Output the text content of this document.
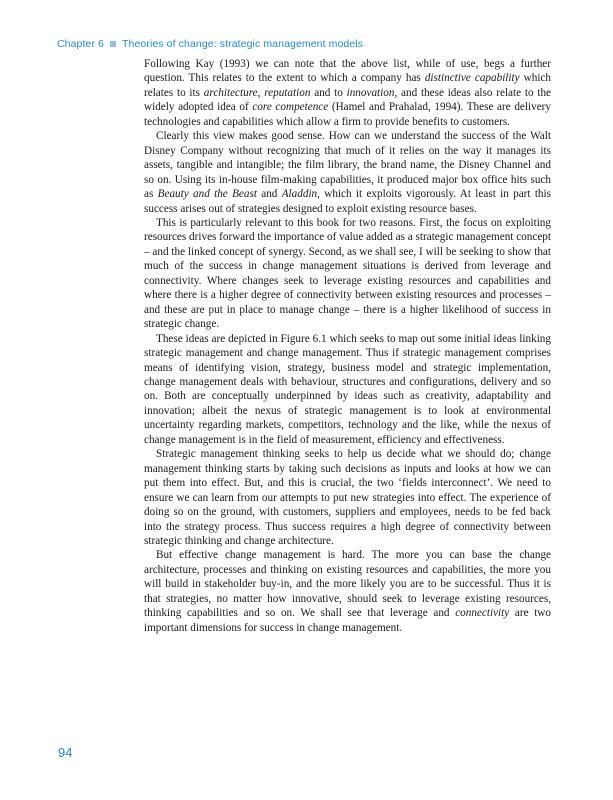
Chapter 6 Theories of change: strategic management models

Following Kay (1993) we can note that the above list, while of use, begs a further question. This relates to the extent to which a company has distinctive capability which relates to its architecture, reputation and to innovation, and these ideas also relate to the widely adopted idea of core competence (Hamel and Prahalad, 1994). These are delivery technologies and capabilities which allow a firm to provide benefits to customers.

Clearly this view makes good sense. How can we understand the success of the Walt Disney Company without recognizing that much of it relies on the way it manages its assets, tangible and intangible; the film library, the brand name, the Disney Channel and so on. Using its in-house film-making capabilities, it produced major box office hits such as Beauty and the Beast and Aladdin, which it exploits vigorously. At least in part this success arises out of strategies designed to exploit existing resource bases.

This is particularly relevant to this book for two reasons. First, the focus on exploiting resources drives forward the importance of value added as a strategic management concept – and the linked concept of synergy. Second, as we shall see, I will be seeking to show that much of the success in change management situations is derived from leverage and connectivity. Where changes seek to leverage existing resources and capabilities and where there is a higher degree of connectivity between existing resources and processes – and these are put in place to manage change – there is a higher likelihood of success in strategic change.

These ideas are depicted in Figure 6.1 which seeks to map out some initial ideas linking strategic management and change management. Thus if strategic management comprises means of identifying vision, strategy, business model and strategic implementation, change management deals with behaviour, structures and configurations, delivery and so on. Both are conceptually underpinned by ideas such as creativity, adaptability and innovation; albeit the nexus of strategic management is to look at environmental uncertainty regarding markets, competitors, technology and the like, while the nexus of change management is in the field of measurement, efficiency and effectiveness.

Strategic management thinking seeks to help us decide what we should do; change management thinking starts by taking such decisions as inputs and looks at how we can put them into effect. But, and this is crucial, the two ‘fields interconnect’. We need to ensure we can learn from our attempts to put new strategies into effect. The experience of doing so on the ground, with customers, suppliers and employees, needs to be fed back into the strategy process. Thus success requires a high degree of connectivity between strategic thinking and change architecture.

But effective change management is hard. The more you can base the change architecture, processes and thinking on existing resources and capabilities, the more you will build in stakeholder buy-in, and the more likely you are to be successful. Thus it is that strategies, no matter how innovative, should seek to leverage existing resources, thinking capabilities and so on. We shall see that leverage and connectivity are two important dimensions for success in change management.

94
